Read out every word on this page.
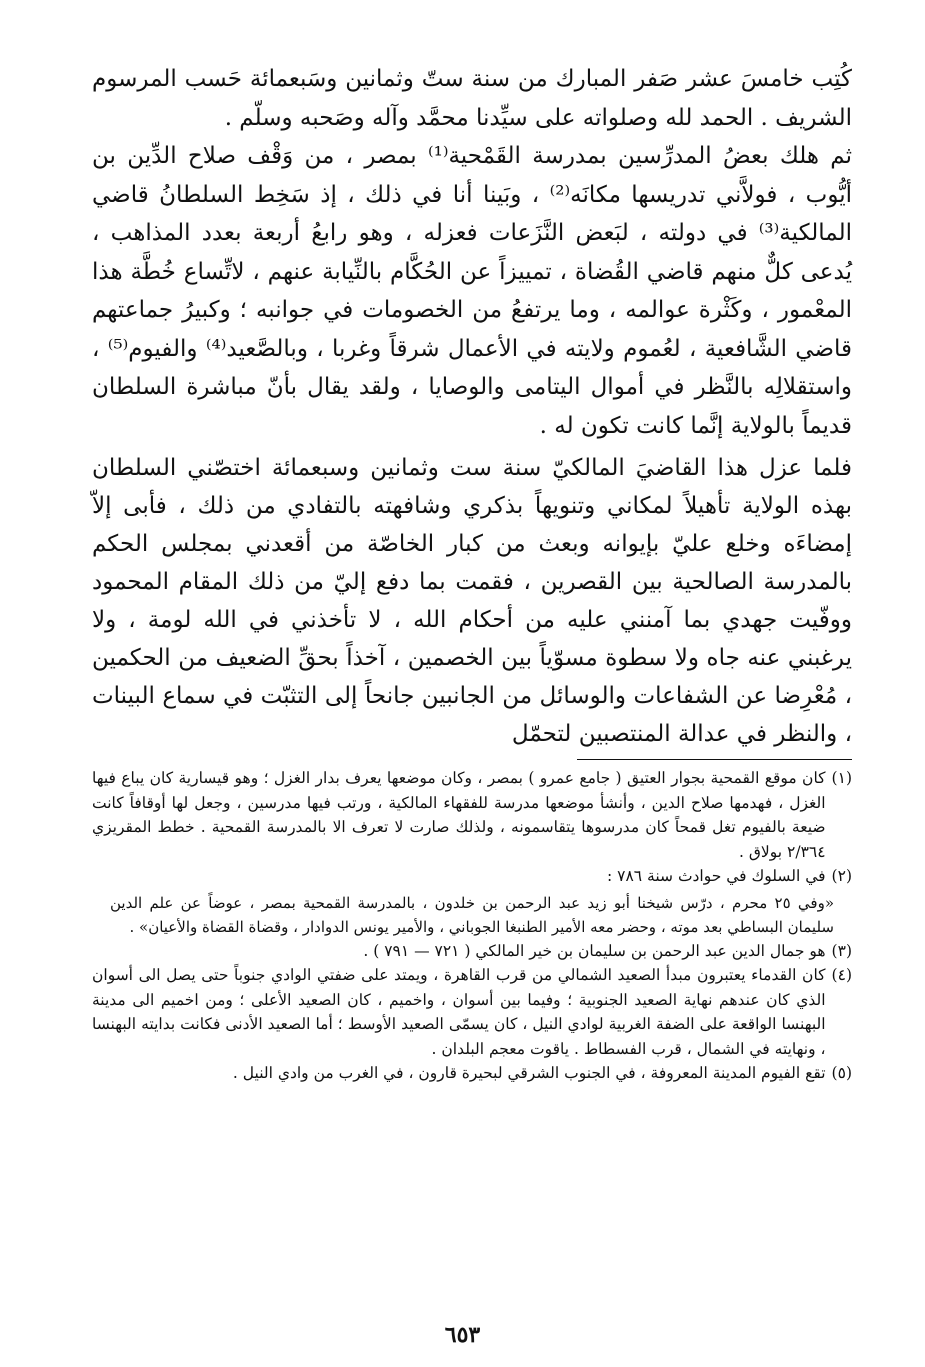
كُتِب خامسَ عشر صَفر المبارك من سنة ستّ وثمانين وسَبعمائة حَسب المرسوم الشريف . الحمد لله وصلواته على سيِّدنا محمَّد وآله وصَحبه وسلّم .

ثم هلك بعضُ المدرِّسين بمدرسة القَمْحية⁽¹⁾ بمصر ، من وَقْف صلاح الدِّين بن أيُّوب ، فولاَّني تدريسها مكانَه⁽²⁾ ، وبَينا أنا في ذلك ، إذ سَخِط السلطانُ قاضي المالكية⁽³⁾ في دولته ، لبَعض النَّزَعات فعزله ، وهو رابعُ أربعة بعدد المذاهب ، يُدعى كلٌّ منهم قاضي القُضاة ، تمييزاً عن الحُكَّام بالنِّيابة عنهم ، لاتِّساع خُطَّة هذا المعْمور ، وكَثْرة عوالمه ، وما يرتفعُ من الخصومات في جوانبه ؛ وكبيرُ جماعتهم قاضي الشَّافعية ، لعُموم ولايته في الأعمال شرقاً وغربا ، وبالصَّعيد⁽⁴⁾ والفيوم⁽⁵⁾ ، واستقلالِه بالنَّظر في أموال اليتامى والوصايا ، ولقد يقال بأنّ مباشرة السلطان قديماً بالولاية إنَّما كانت تكون له .

فلما عزل هذا القاضيَ المالكيّ سنة ست وثمانين وسبعمائة اختصّني السلطان بهذه الولاية تأهيلاً لمكاني وتنويهاً بذكري وشافهته بالتفادي من ذلك ، فأبى إلاّ إمضاءَه وخلع عليّ بإيوانه وبعث من كبار الخاصّة من أقعدني بمجلس الحكم بالمدرسة الصالحية بين القصرين ، فقمت بما دفع إليّ من ذلك المقام المحمود ووفّيت جهدي بما آمنني عليه من أحكام الله ، لا تأخذني في الله لومة ، ولا يرغبني عنه جاه ولا سطوة مسوّياً بين الخصمين ، آخذاً بحقِّ الضعيف من الحكمين ، مُعْرِضا عن الشفاعات والوسائل من الجانبين جانحاً إلى التثبّت في سماع البينات ، والنظر في عدالة المنتصبين لتحمّل

(١)
كان موقع القمحية بجوار العتيق ( جامع عمرو ) بمصر ، وكان موضعها يعرف بدار الغزل ؛ وهو قيسارية كان يباع فيها الغزل ، فهدمها صلاح الدين ، وأنشأ موضعها مدرسة للفقهاء المالكية ، ورتب فيها مدرسين ، وجعل لها أوقافاً كانت ضيعة بالفيوم تغل قمحاً كان مدرسوها يتقاسمونه ، ولذلك صارت لا تعرف الا بالمدرسة القمحية . خطط المقريزي ٢/٣٦٤ بولاق .
(٢)
في السلوك في حوادث سنة ٧٨٦ :
«وفي ٢٥ محرم ، درّس شيخنا أبو زيد عبد الرحمن بن خلدون ، بالمدرسة القمحية بمصر ، عوضاً عن علم الدين سليمان البساطي بعد موته ، وحضر معه الأمير الطنبغا الجوباني ، والأمير يونس الدوادار ، وقضاة القضاة والأعيان» .
(٣)
هو جمال الدين عبد الرحمن بن سليمان بن خير المالكي ( ٧٢١ — ٧٩١ ) .
(٤)
كان القدماء يعتبرون مبدأ الصعيد الشمالي من قرب القاهرة ، ويمتد على ضفتي الوادي جنوباً حتى يصل الى أسوان الذي كان عندهم نهاية الصعيد الجنوبية ؛ وفيما بين أسوان ، واخميم ، كان الصعيد الأعلى ؛ ومن اخميم الى مدينة البهنسا الواقعة على الضفة الغربية لوادي النيل ، كان يسمّى الصعيد الأوسط ؛ أما الصعيد الأدنى فكانت بدايته البهنسا ، ونهايته في الشمال ، قرب الفسطاط . ياقوت معجم البلدان .
(٥)
تقع الفيوم المدينة المعروفة ، في الجنوب الشرقي لبحيرة قارون ، في الغرب من وادي النيل .
٦٥٣
